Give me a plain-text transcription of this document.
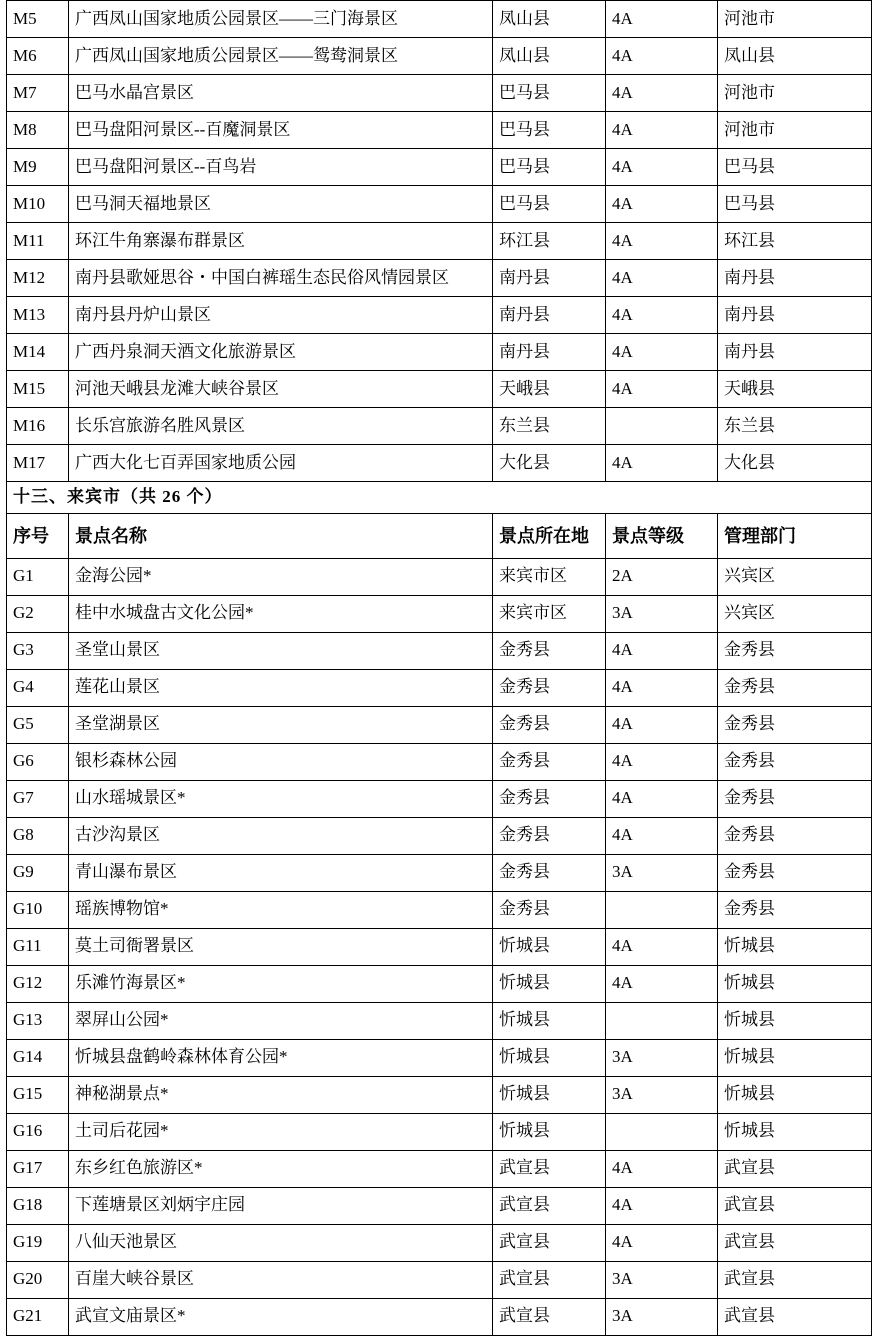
M5	广西凤山国家地质公园景区——三门海景区	凤山县	4A	河池市
M6	广西凤山国家地质公园景区——鸳鸯洞景区	凤山县	4A	凤山县
M7	巴马水晶宫景区	巴马县	4A	河池市
M8	巴马盘阳河景区--百魔洞景区	巴马县	4A	河池市
M9	巴马盘阳河景区--百鸟岩	巴马县	4A	巴马县
M10	巴马洞天福地景区	巴马县	4A	巴马县
M11	环江牛角寨瀑布群景区	环江县	4A	环江县
M12	南丹县歌娅思谷・中国白裤瑶生态民俗风情园景区	南丹县	4A	南丹县
M13	南丹县丹炉山景区	南丹县	4A	南丹县
M14	广西丹泉洞天酒文化旅游景区	南丹县	4A	南丹县
M15	河池天峨县龙滩大峡谷景区	天峨县	4A	天峨县
M16	长乐宫旅游名胜风景区	东兰县		东兰县
M17	广西大化七百弄国家地质公园	大化县	4A	大化县
十三、来宾市（共 26 个）				
序号	景点名称	景点所在地	景点等级	管理部门
G1	金海公园*	来宾市区	2A	兴宾区
G2	桂中水城盘古文化公园*	来宾市区	3A	兴宾区
G3	圣堂山景区	金秀县	4A	金秀县
G4	莲花山景区	金秀县	4A	金秀县
G5	圣堂湖景区	金秀县	4A	金秀县
G6	银杉森林公园	金秀县	4A	金秀县
G7	山水瑶城景区*	金秀县	4A	金秀县
G8	古沙沟景区	金秀县	4A	金秀县
G9	青山瀑布景区	金秀县	3A	金秀县
G10	瑶族博物馆*	金秀县		金秀县
G11	莫土司衙署景区	忻城县	4A	忻城县
G12	乐滩竹海景区*	忻城县	4A	忻城县
G13	翠屏山公园*	忻城县		忻城县
G14	忻城县盘鹤岭森林体育公园*	忻城县	3A	忻城县
G15	神秘湖景点*	忻城县	3A	忻城县
G16	土司后花园*	忻城县		忻城县
G17	东乡红色旅游区*	武宣县	4A	武宣县
G18	下莲塘景区刘炳宇庄园	武宣县	4A	武宣县
G19	八仙天池景区	武宣县	4A	武宣县
G20	百崖大峡谷景区	武宣县	3A	武宣县
G21	武宣文庙景区*	武宣县	3A	武宣县
